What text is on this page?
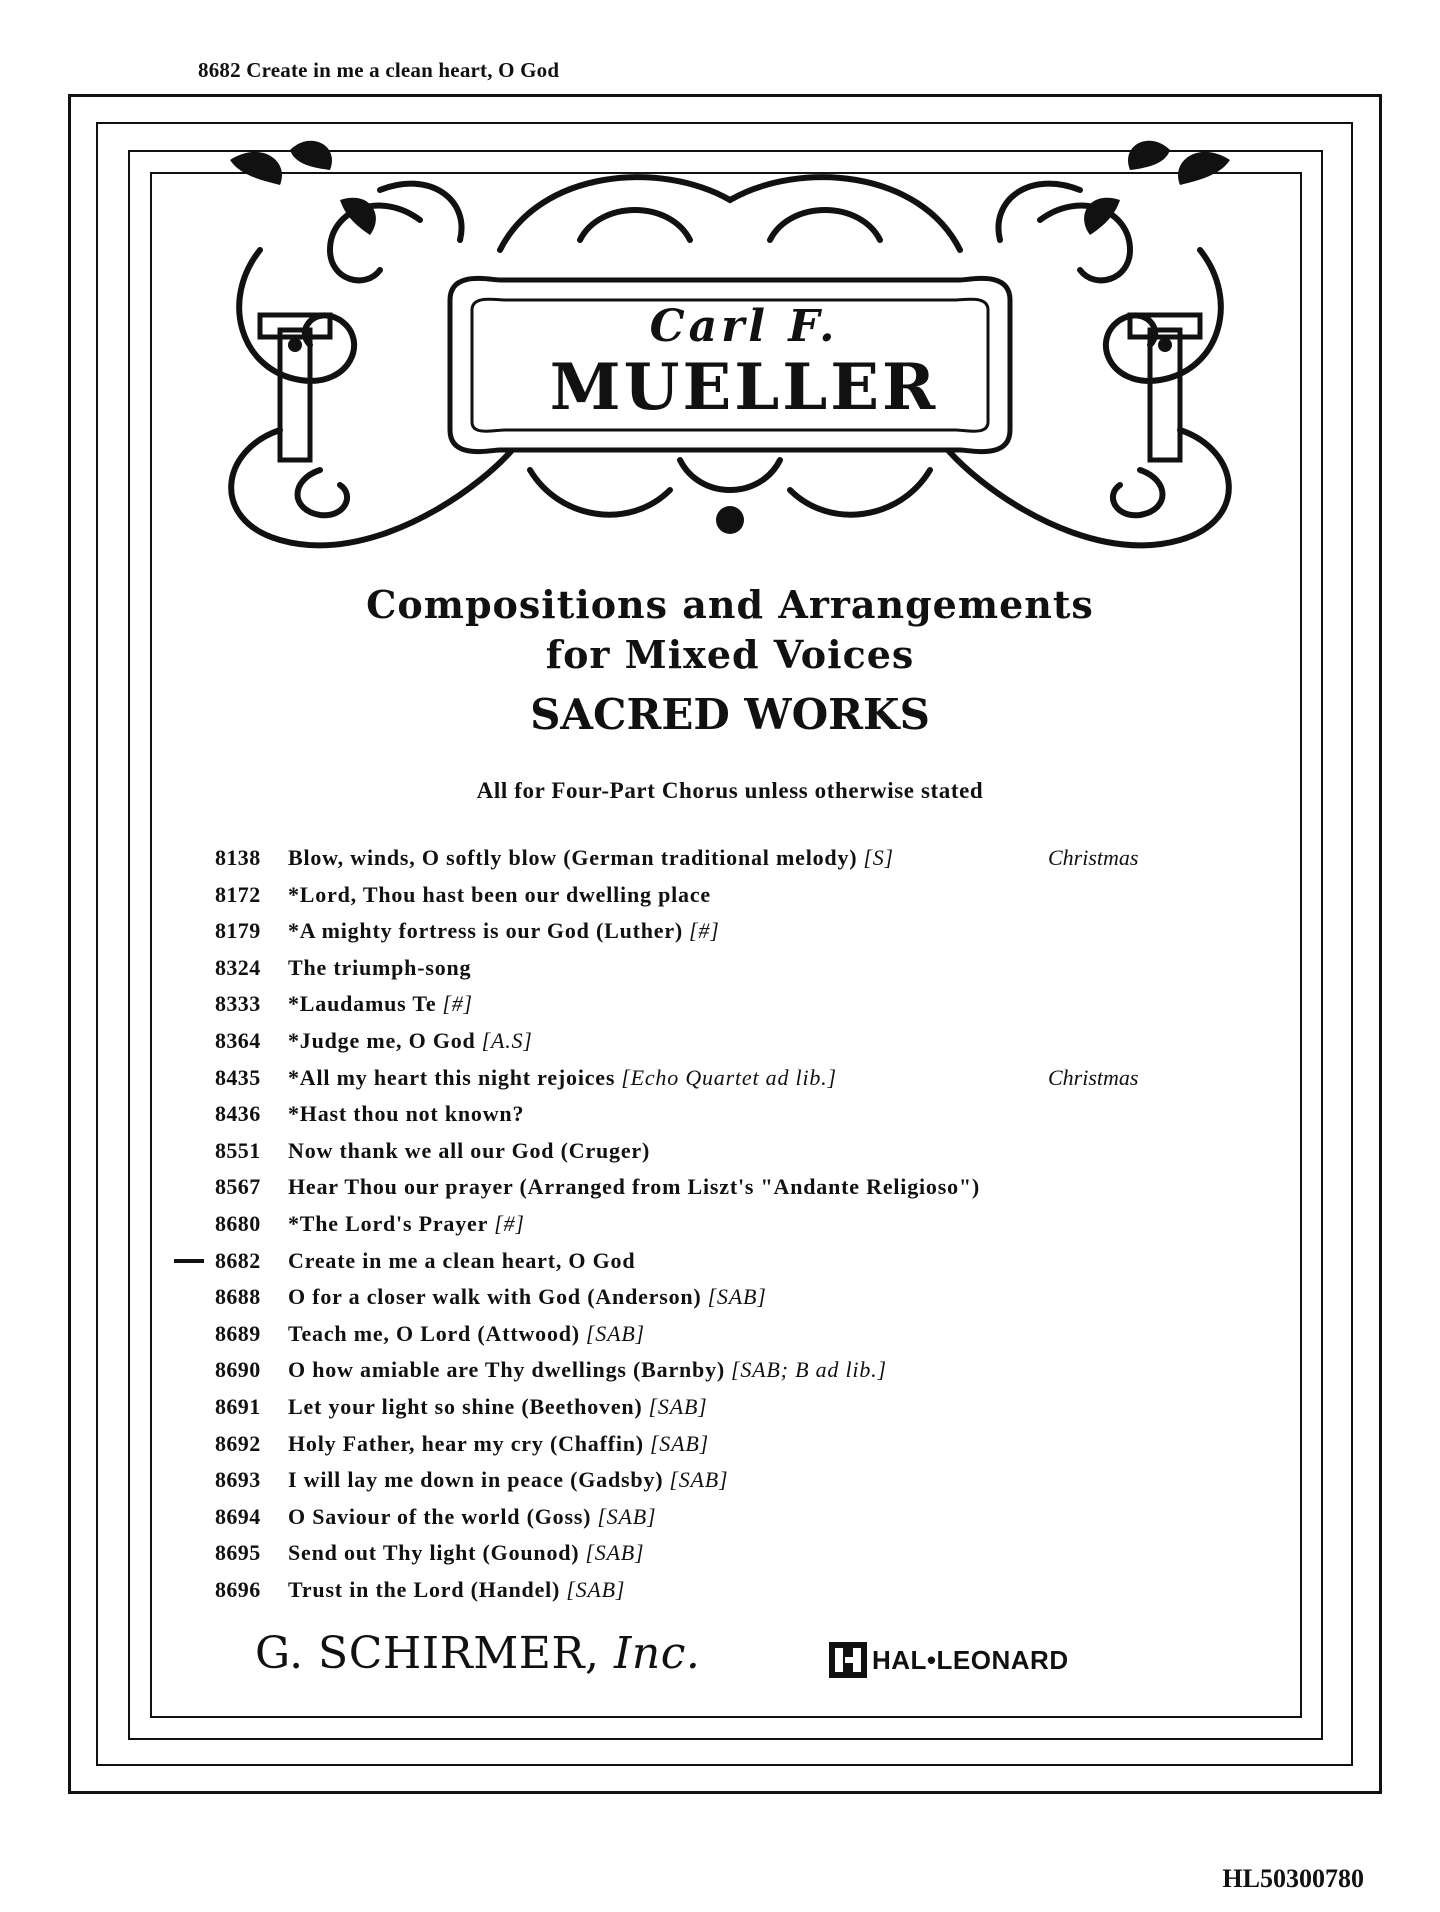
8682 Create in me a clean heart, O God
Carl F.
MUELLER
Compositions and Arrangements
for Mixed Voices
SACRED WORKS
All for Four-Part Chorus unless otherwise stated
8138	Blow, winds, O softly blow (German traditional melody) [S]	Christmas
8172	*Lord, Thou hast been our dwelling place
8179	*A mighty fortress is our God (Luther) [#]
8324	The triumph-song
8333	*Laudamus Te [#]
8364	*Judge me, O God [A.S]
8435	*All my heart this night rejoices [Echo Quartet ad lib.]	Christmas
8436	*Hast thou not known?
8551	Now thank we all our God (Cruger)
8567	Hear Thou our prayer (Arranged from Liszt's "Andante Religioso")
8680	*The Lord's Prayer [#]
8682	Create in me a clean heart, O God
8688	O for a closer walk with God (Anderson) [SAB]
8689	Teach me, O Lord (Attwood) [SAB]
8690	O how amiable are Thy dwellings (Barnby) [SAB; B ad lib.]
8691	Let your light so shine (Beethoven) [SAB]
8692	Holy Father, hear my cry (Chaffin) [SAB]
8693	I will lay me down in peace (Gadsby) [SAB]
8694	O Saviour of the world (Goss) [SAB]
8695	Send out Thy light (Gounod) [SAB]
8696	Trust in the Lord (Handel) [SAB]
G. SCHIRMER, Inc.	HAL•LEONARD
HL50300780
